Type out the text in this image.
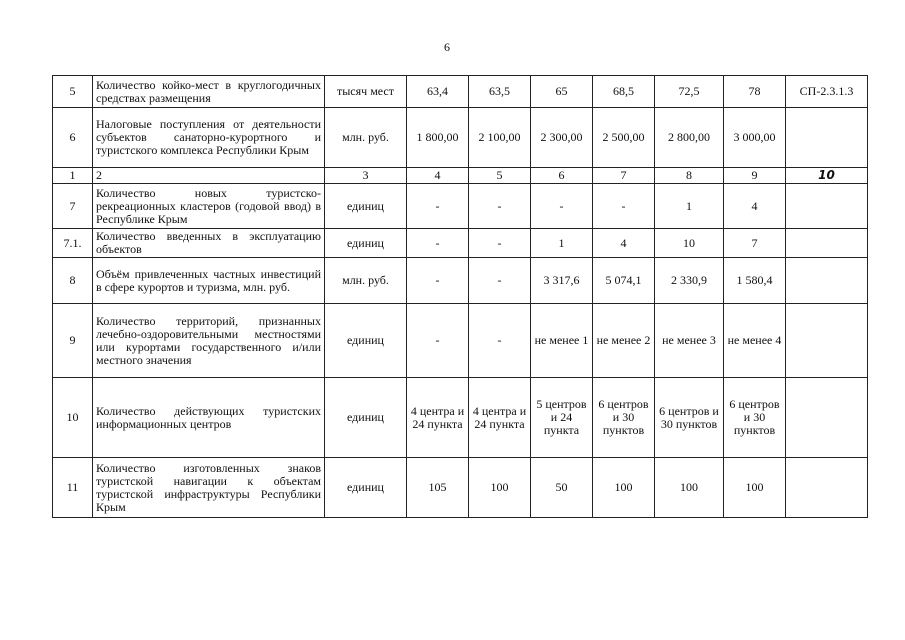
6
5	Количество койко-мест в круглогодичных средствах размещения	тысяч мест	63,4	63,5	65	68,5	72,5	78	СП-2.3.1.3
6	Налоговые поступления от деятельности субъектов санаторно-курортного и туристского комплекса Республики Крым	млн. руб.	1 800,00	2 100,00	2 300,00	2 500,00	2 800,00	3 000,00	
1	2	3	4	5	6	7	8	9	10
7	Количество новых туристско-рекреационных кластеров (годовой ввод) в Республике Крым	единиц	-	-	-	-	1	4	
7.1.	Количество введенных в эксплуатацию объектов	единиц	-	-	1	4	10	7	
8	Объём привлеченных частных инвестиций в сфере курортов и туризма, млн. руб.	млн. руб.	-	-	3 317,6	5 074,1	2 330,9	1 580,4	
9	Количество территорий, признанных лечебно-оздоровительными местностями или курортами государственного и/или местного значения	единиц	-	-	не менее 1	не менее 2	не менее 3	не менее 4	
10	Количество действующих туристских информационных центров	единиц	4 центра и 24 пункта	4 центра и 24 пункта	5 центров и 24 пункта	6 центров и 30 пунктов	6 центров и 30 пунктов	6 центров и 30 пунктов	
11	Количество изготовленных знаков туристской навигации к объектам туристской инфраструктуры Республики Крым	единиц	105	100	50	100	100	100	
